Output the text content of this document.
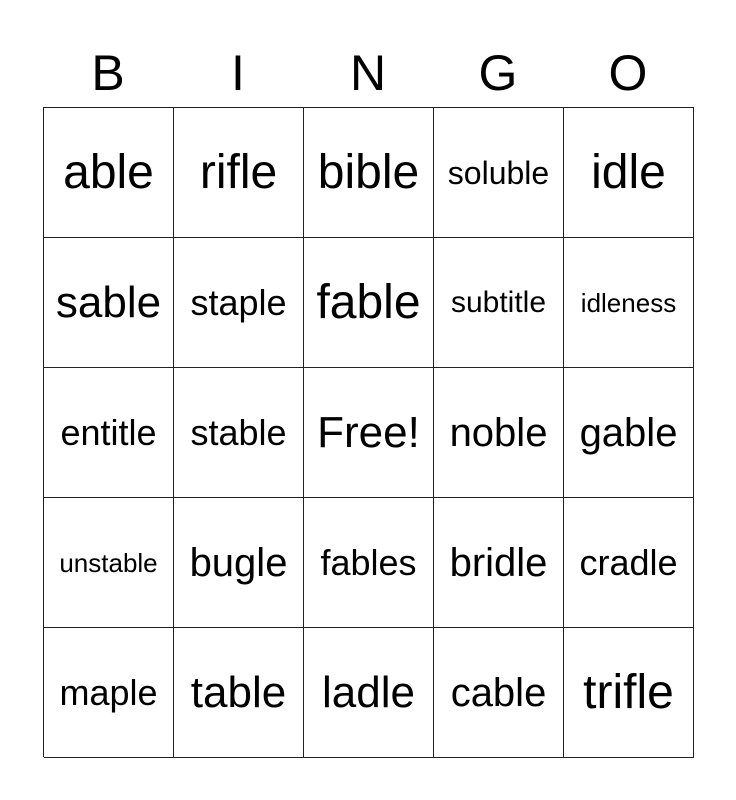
B	I	N	G	O
able rifle bible soluble idle
sable staple fable	subtitle	idleness
entitle stable Free! noble gable
unstable bugle fables bridle cradle
maple table ladle cable trifle
